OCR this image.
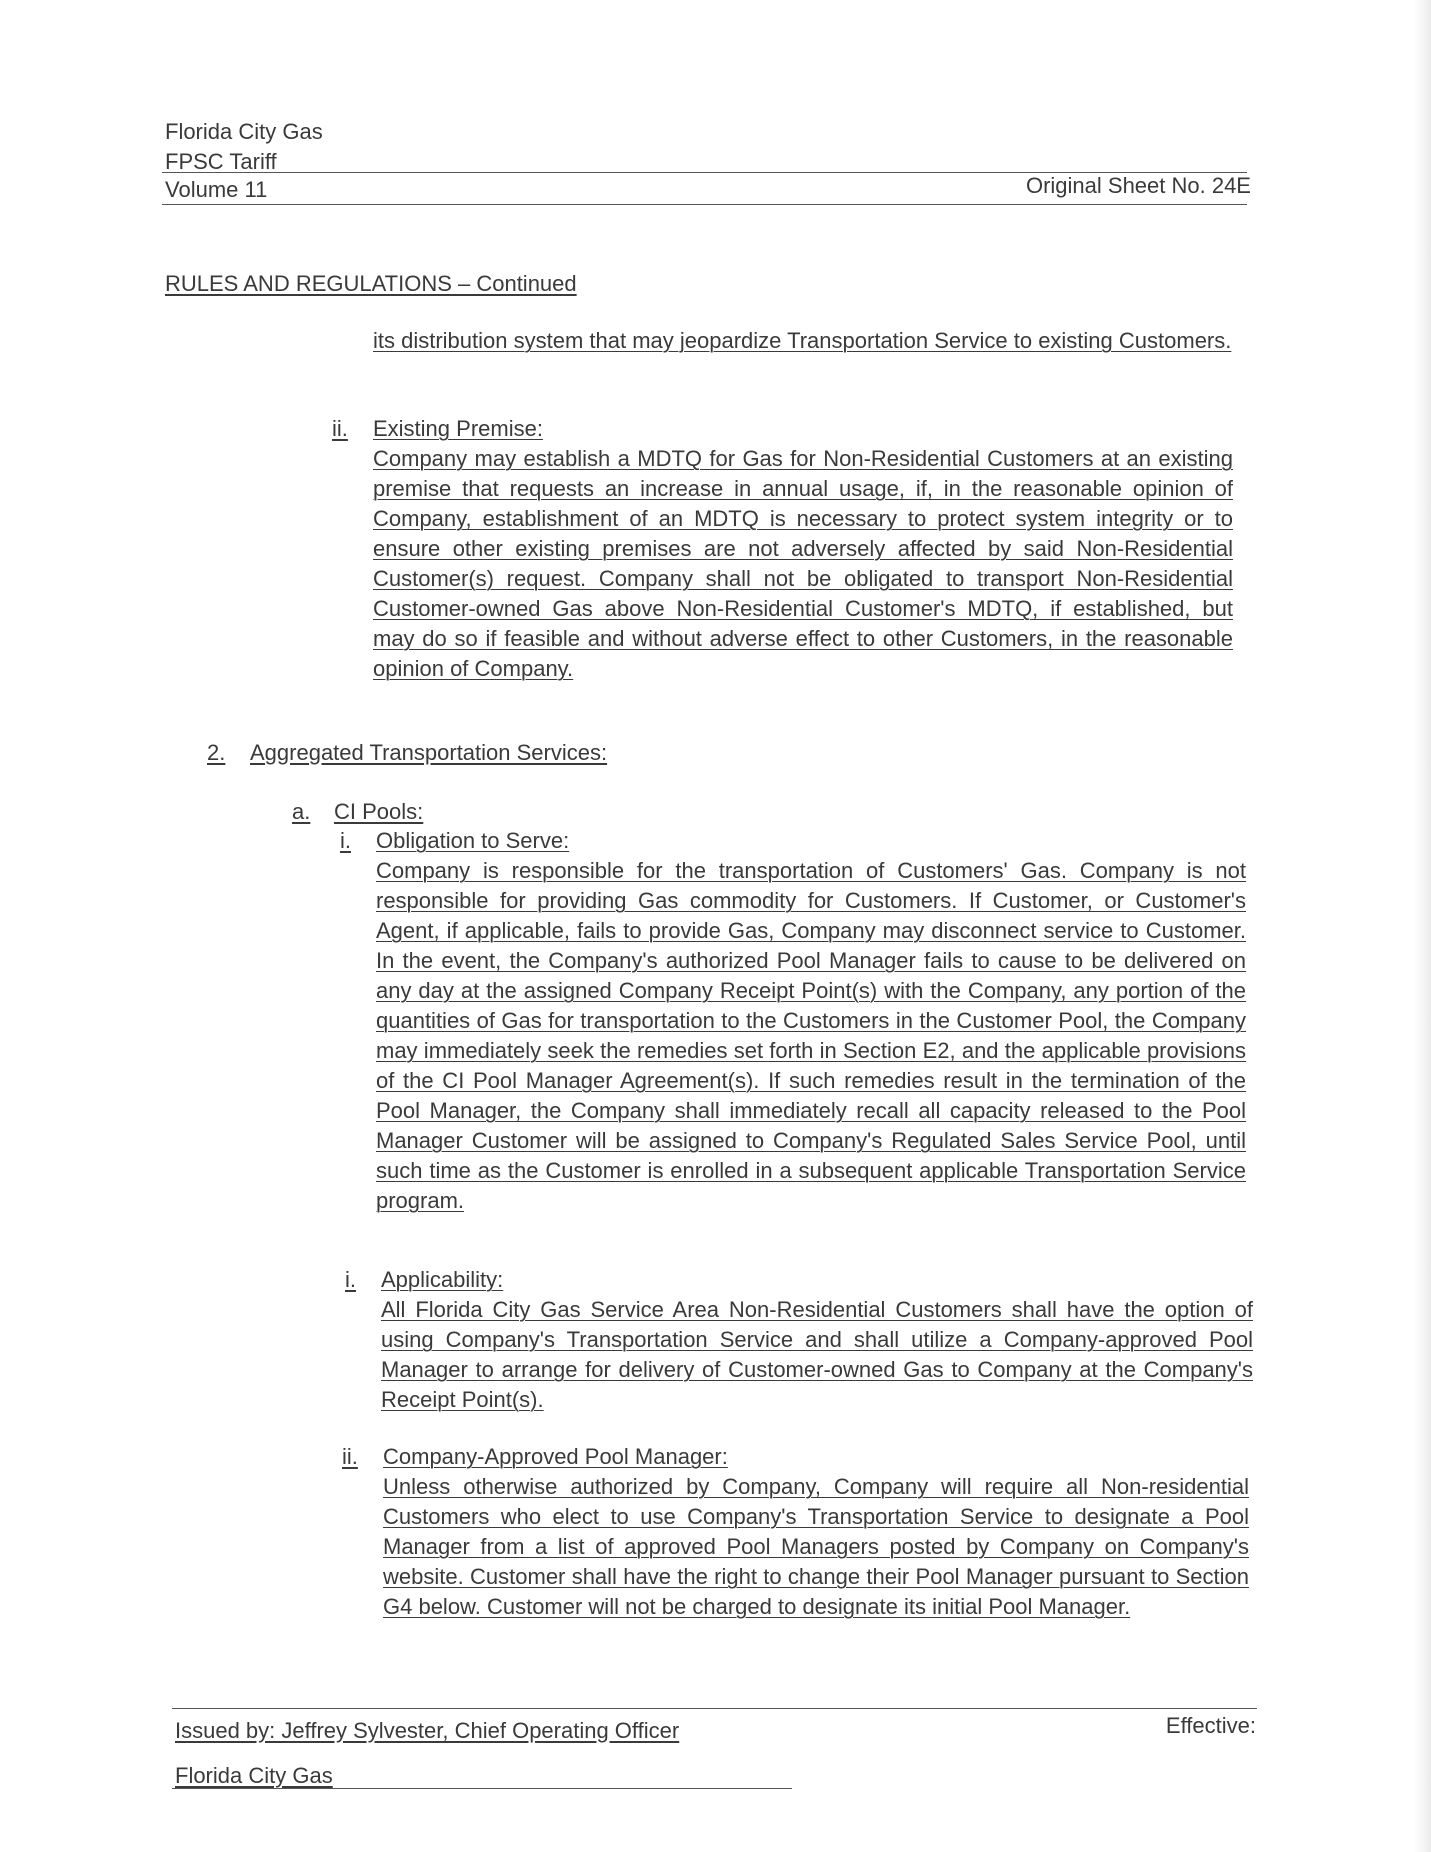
Florida City Gas
FPSC Tariff
Volume 11	Original Sheet No. 24E
RULES AND REGULATIONS – Continued

its distribution system that may jeopardize Transportation Service to existing Customers.

ii. Existing Premise:

Company may establish a MDTQ for Gas for Non-Residential Customers at an existing premise that requests an increase in annual usage, if, in the reasonable opinion of Company, establishment of an MDTQ is necessary to protect system integrity or to ensure other existing premises are not adversely affected by said Non-Residential Customer(s) request. Company shall not be obligated to transport Non-Residential Customer-owned Gas above Non-Residential Customer's MDTQ, if established, but may do so if feasible and without adverse effect to other Customers, in the reasonable opinion of Company.

2. Aggregated Transportation Services:
a. CI Pools:
i. Obligation to Serve:

Company is responsible for the transportation of Customers' Gas. Company is not responsible for providing Gas commodity for Customers. If Customer, or Customer's Agent, if applicable, fails to provide Gas, Company may disconnect service to Customer. In the event, the Company's authorized Pool Manager fails to cause to be delivered on any day at the assigned Company Receipt Point(s) with the Company, any portion of the quantities of Gas for transportation to the Customers in the Customer Pool, the Company may immediately seek the remedies set forth in Section E2, and the applicable provisions of the CI Pool Manager Agreement(s). If such remedies result in the termination of the Pool Manager, the Company shall immediately recall all capacity released to the Pool Manager Customer will be assigned to Company's Regulated Sales Service Pool, until such time as the Customer is enrolled in a subsequent applicable Transportation Service program.

i. Applicability:

All Florida City Gas Service Area Non-Residential Customers shall have the option of using Company's Transportation Service and shall utilize a Company-approved Pool Manager to arrange for delivery of Customer-owned Gas to Company at the Company's Receipt Point(s).

ii. Company-Approved Pool Manager:

Unless otherwise authorized by Company, Company will require all Non-residential Customers who elect to use Company's Transportation Service to designate a Pool Manager from a list of approved Pool Managers posted by Company on Company's website. Customer shall have the right to change their Pool Manager pursuant to Section G4 below. Customer will not be charged to designate its initial Pool Manager.

Issued by: Jeffrey Sylvester, Chief Operating Officer	Effective:
Florida City Gas
